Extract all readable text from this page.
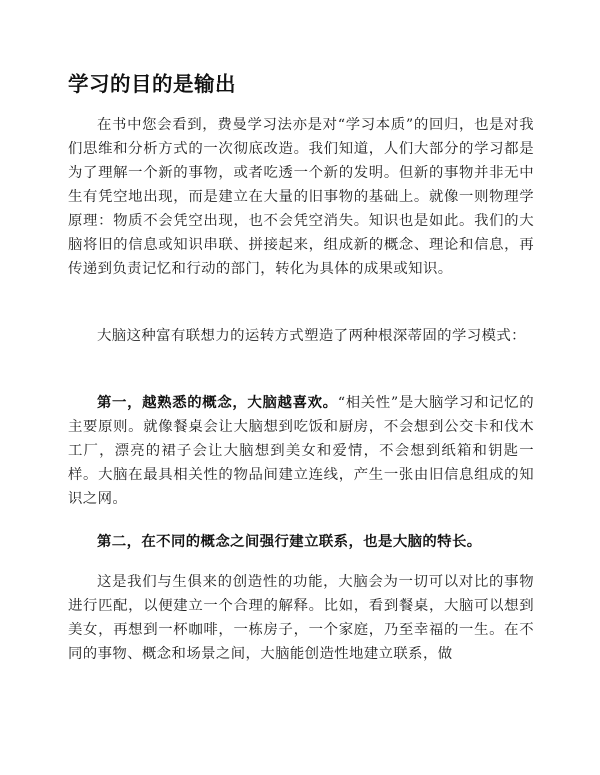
学习的目的是输出

在书中您会看到，费曼学习法亦是对“学习本质”的回归，也是对我们思维和分析方式的一次彻底改造。我们知道，人们大部分的学习都是为了理解一个新的事物，或者吃透一个新的发明。但新的事物并非无中生有凭空地出现，而是建立在大量的旧事物的基础上。就像一则物理学原理：物质不会凭空出现，也不会凭空消失。知识也是如此。我们的大脑将旧的信息或知识串联、拼接起来，组成新的概念、理论和信息，再传递到负责记忆和行动的部门，转化为具体的成果或知识。

大脑这种富有联想力的运转方式塑造了两种根深蒂固的学习模式：

第一，越熟悉的概念，大脑越喜欢。“相关性”是大脑学习和记忆的主要原则。就像餐桌会让大脑想到吃饭和厨房，不会想到公交卡和伐木工厂，漂亮的裙子会让大脑想到美女和爱情，不会想到纸箱和钥匙一样。大脑在最具相关性的物品间建立连线，产生一张由旧信息组成的知识之网。

第二，在不同的概念之间强行建立联系，也是大脑的特长。

这是我们与生俱来的创造性的功能，大脑会为一切可以对比的事物进行匹配，以便建立一个合理的解释。比如，看到餐桌，大脑可以想到美女，再想到一杯咖啡，一栋房子，一个家庭，乃至幸福的一生。在不同的事物、概念和场景之间，大脑能创造性地建立联系，做
